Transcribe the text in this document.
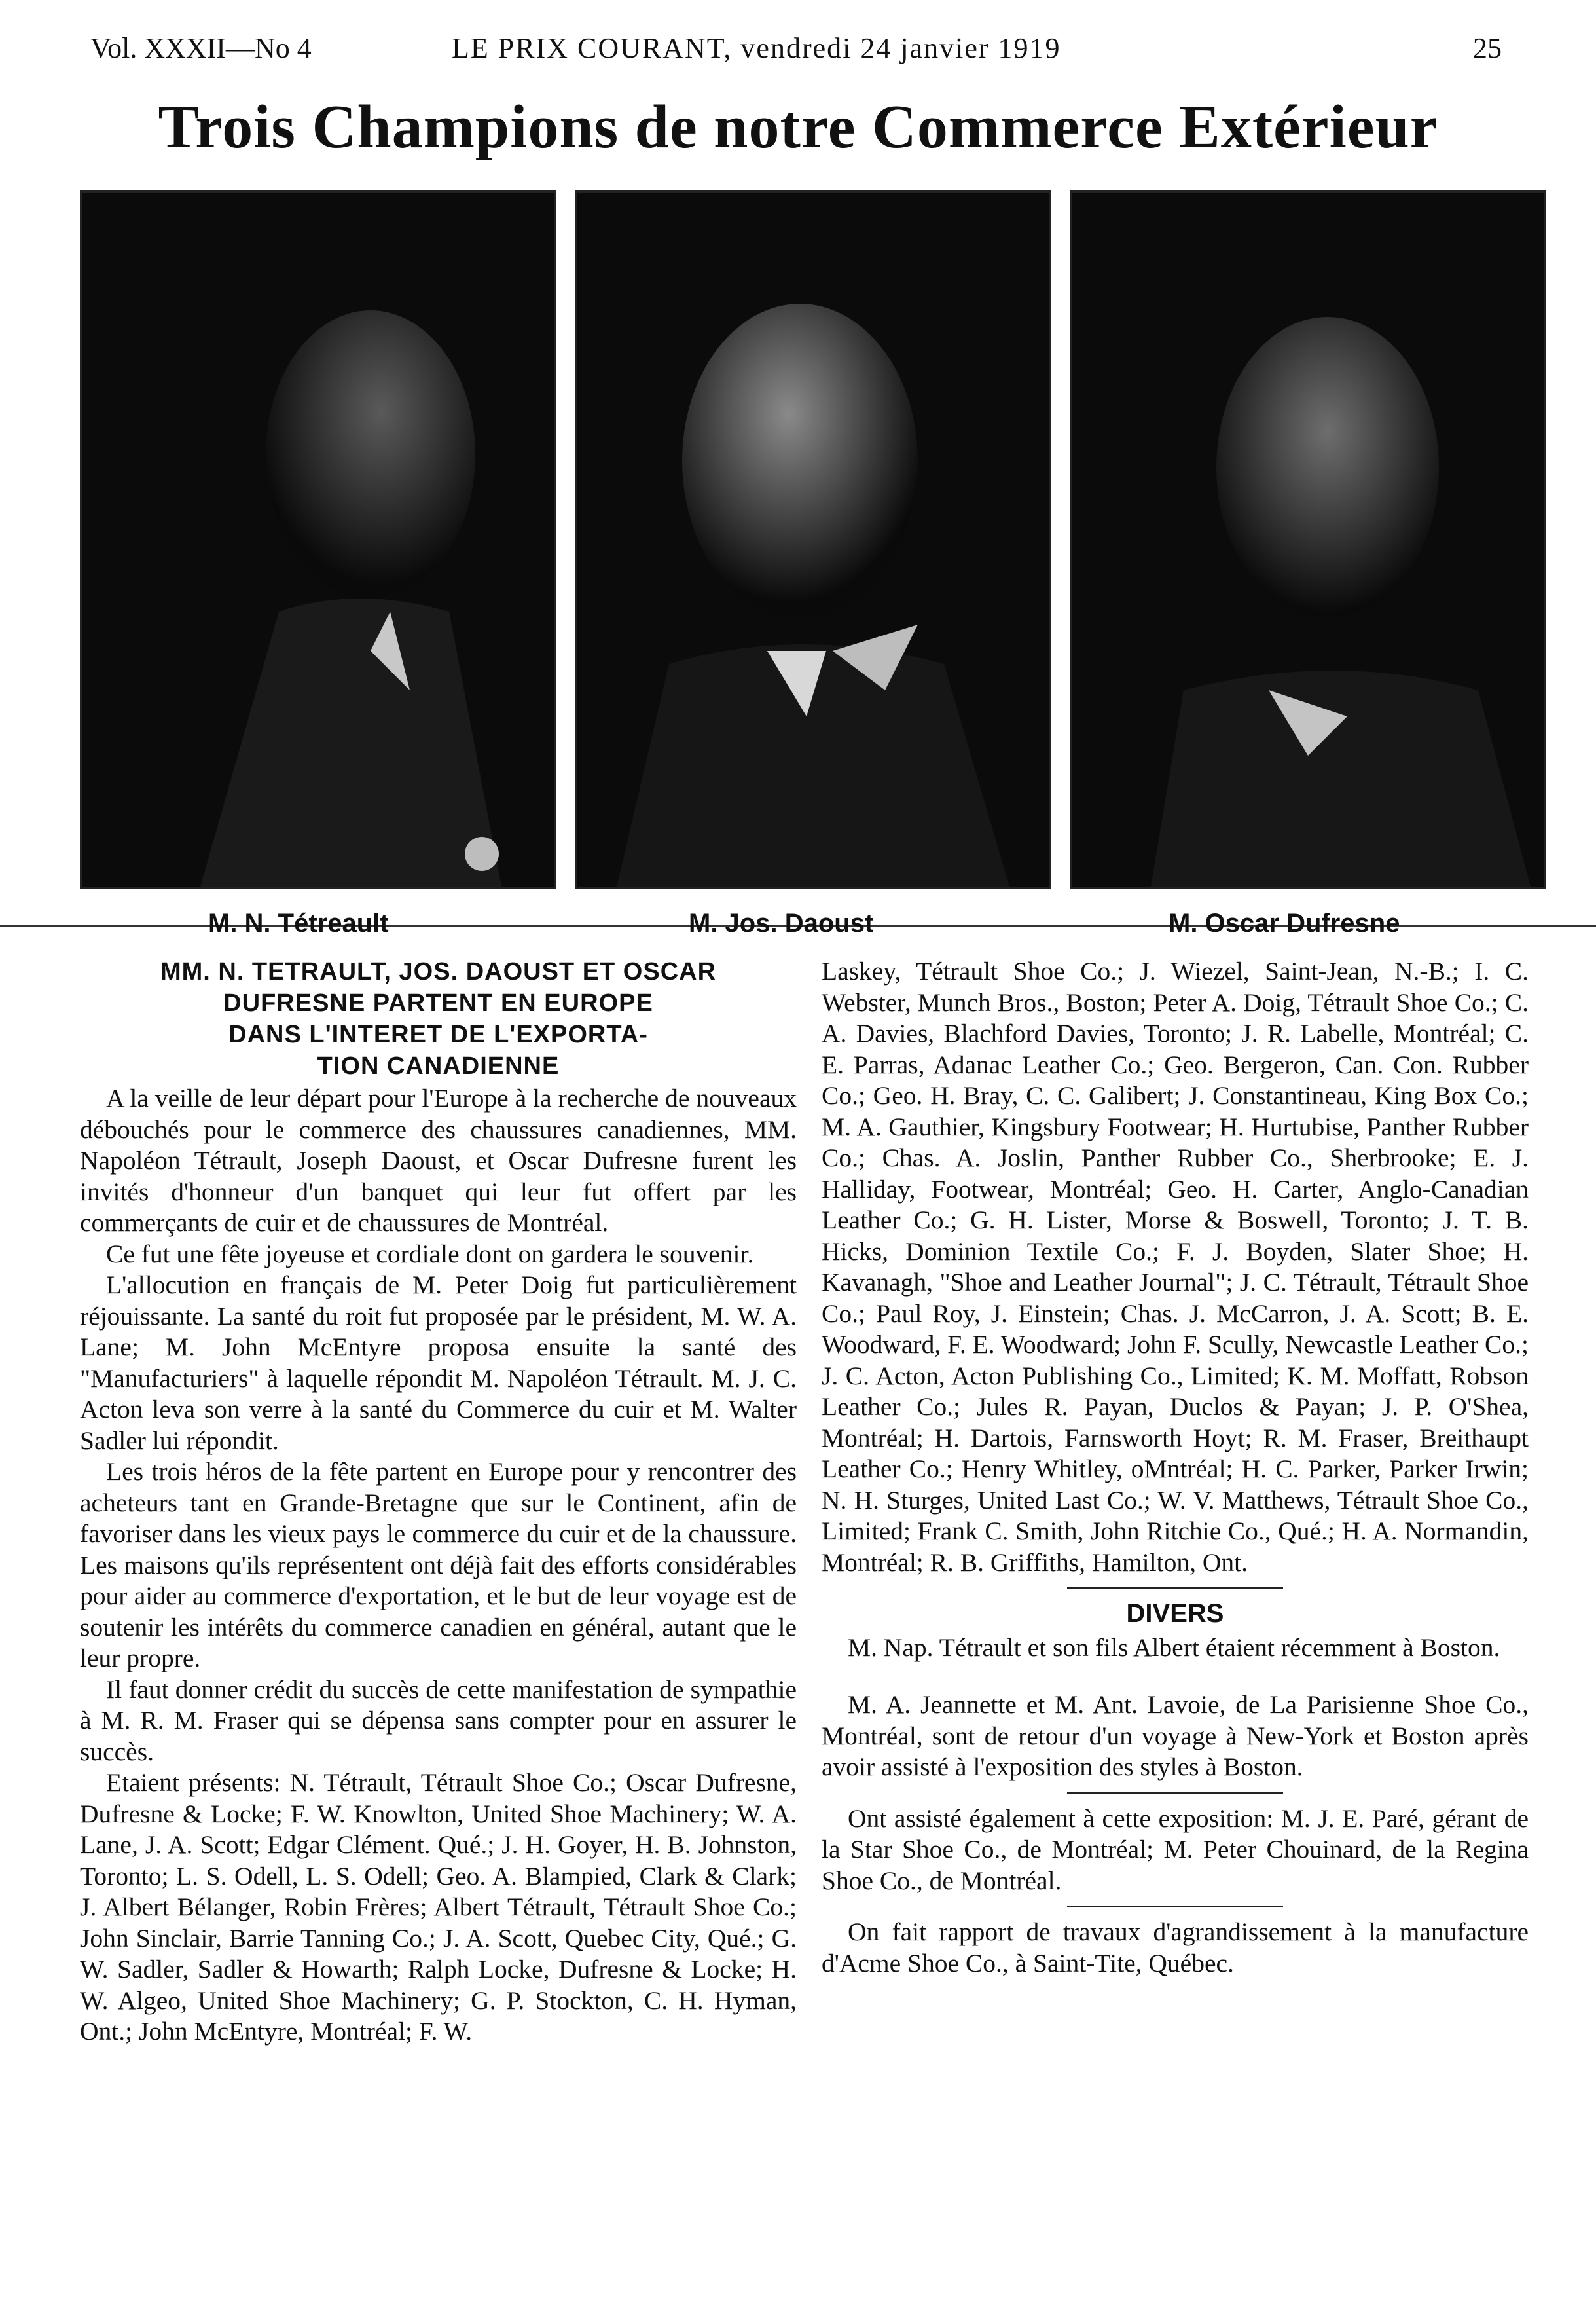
Vol. XXXII—No 4	LE PRIX COURANT, vendredi 24 janvier 1919	25
Trois Champions de notre Commerce Extérieur
M. N. Tétreault	M. Jos. Daoust	M. Oscar Dufresne
MM. N. TETRAULT, JOS. DAOUST ET OSCAR
DUFRESNE PARTENT EN EUROPE
DANS L'INTERET DE L'EXPORTA-
TION CANADIENNE

A la veille de leur départ pour l'Europe à la recherche de nouveaux débouchés pour le commerce des chaussures canadiennes, MM. Napoléon Tétrault, Joseph Daoust, et Oscar Dufresne furent les invités d'honneur d'un banquet qui leur fut offert par les commerçants de cuir et de chaussures de Montréal.

Ce fut une fête joyeuse et cordiale dont on gardera le souvenir.

L'allocution en français de M. Peter Doig fut particulièrement réjouissante. La santé du roit fut proposée par le président, M. W. A. Lane; M. John McEntyre proposa ensuite la santé des "Manufacturiers" à laquelle répondit M. Napoléon Tétrault. M. J. C. Acton leva son verre à la santé du Commerce du cuir et M. Walter Sadler lui répondit.

Les trois héros de la fête partent en Europe pour y rencontrer des acheteurs tant en Grande-Bretagne que sur le Continent, afin de favoriser dans les vieux pays le commerce du cuir et de la chaussure. Les maisons qu'ils représentent ont déjà fait des efforts considérables pour aider au commerce d'exportation, et le but de leur voyage est de soutenir les intérêts du commerce canadien en général, autant que le leur propre.

Il faut donner crédit du succès de cette manifestation de sympathie à M. R. M. Fraser qui se dépensa sans compter pour en assurer le succès.

Etaient présents: N. Tétrault, Tétrault Shoe Co.; Oscar Dufresne, Dufresne & Locke; F. W. Knowlton, United Shoe Machinery; W. A. Lane, J. A. Scott; Edgar Clément. Qué.; J. H. Goyer, H. B. Johnston, Toronto; L. S. Odell, L. S. Odell; Geo. A. Blampied, Clark & Clark; J. Albert Bélanger, Robin Frères; Albert Tétrault, Tétrault Shoe Co.; John Sinclair, Barrie Tanning Co.; J. A. Scott, Quebec City, Qué.; G. W. Sadler, Sadler & Howarth; Ralph Locke, Dufresne & Locke; H. W. Algeo, United Shoe Machinery; G. P. Stockton, C. H. Hyman, Ont.; John McEntyre, Montréal; F. W.

Laskey, Tétrault Shoe Co.; J. Wiezel, Saint-Jean, N.-B.; I. C. Webster, Munch Bros., Boston; Peter A. Doig, Tétrault Shoe Co.; C. A. Davies, Blachford Davies, Toronto; J. R. Labelle, Montréal; C. E. Parras, Adanac Leather Co.; Geo. Bergeron, Can. Con. Rubber Co.; Geo. H. Bray, C. C. Galibert; J. Constantineau, King Box Co.; M. A. Gauthier, Kingsbury Footwear; H. Hurtubise, Panther Rubber Co.; Chas. A. Joslin, Panther Rubber Co., Sherbrooke; E. J. Halliday, Footwear, Montréal; Geo. H. Carter, Anglo-Canadian Leather Co.; G. H. Lister, Morse & Boswell, Toronto; J. T. B. Hicks, Dominion Textile Co.; F. J. Boyden, Slater Shoe; H. Kavanagh, "Shoe and Leather Journal"; J. C. Tétrault, Tétrault Shoe Co.; Paul Roy, J. Einstein; Chas. J. McCarron, J. A. Scott; B. E. Woodward, F. E. Woodward; John F. Scully, Newcastle Leather Co.; J. C. Acton, Acton Publishing Co., Limited; K. M. Moffatt, Robson Leather Co.; Jules R. Payan, Duclos & Payan; J. P. O'Shea, Montréal; H. Dartois, Farnsworth Hoyt; R. M. Fraser, Breithaupt Leather Co.; Henry Whitley, oMntréal; H. C. Parker, Parker Irwin; N. H. Sturges, United Last Co.; W. V. Matthews, Tétrault Shoe Co., Limited; Frank C. Smith, John Ritchie Co., Qué.; H. A. Normandin, Montréal; R. B. Griffiths, Hamilton, Ont.

DIVERS

M. Nap. Tétrault et son fils Albert étaient récemment à Boston.

M. A. Jeannette et M. Ant. Lavoie, de La Parisienne Shoe Co., Montréal, sont de retour d'un voyage à New-York et Boston après avoir assisté à l'exposition des styles à Boston.

Ont assisté également à cette exposition: M. J. E. Paré, gérant de la Star Shoe Co., de Montréal; M. Peter Chouinard, de la Regina Shoe Co., de Montréal.

On fait rapport de travaux d'agrandissement à la manufacture d'Acme Shoe Co., à Saint-Tite, Québec.
